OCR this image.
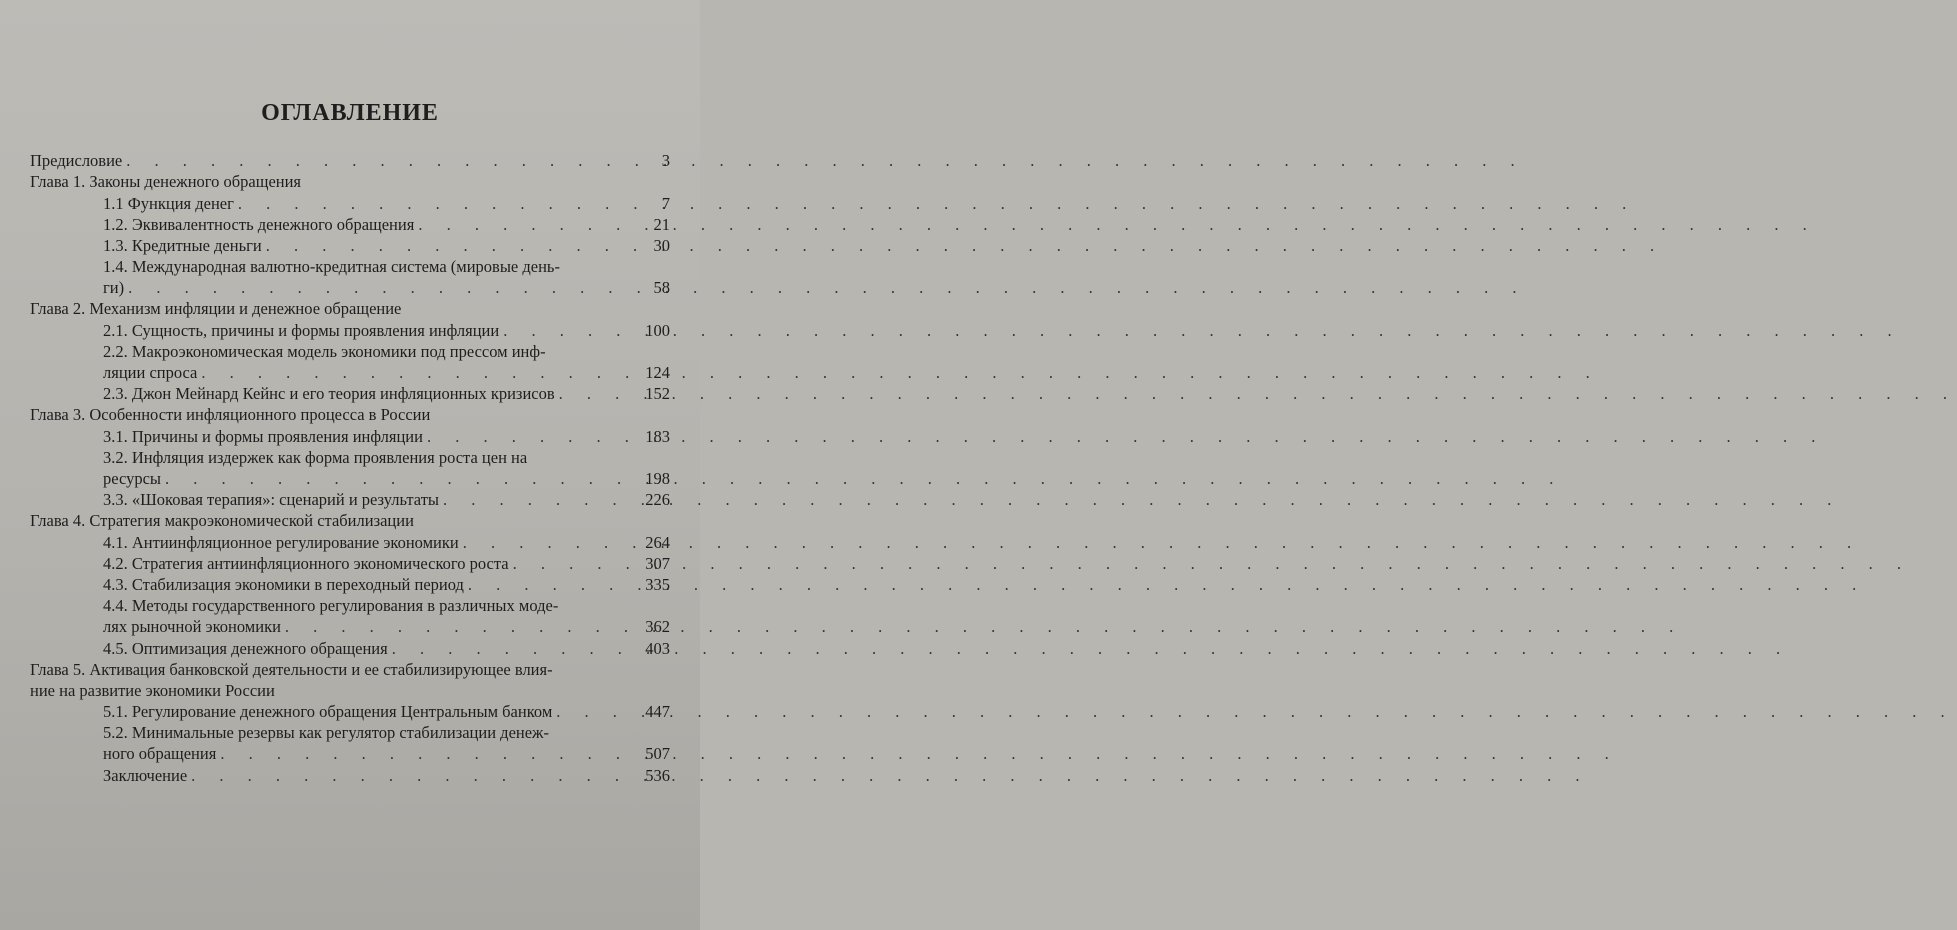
ОГЛАВЛЕНИЕ
Предисловие . . .	3
Глава 1. Законы денежного обращения
1.1 Функция денег . . .	7
1.2. Эквивалентность денежного обращения . . .	21
1.3. Кредитные деньги . . .	30
1.4. Международная валютно-кредитная система (мировые день-
ги) . . .	58
Глава 2. Механизм инфляции и денежное обращение
2.1. Сущность, причины и формы проявления инфляции . . .	100
2.2. Макроэкономическая модель экономики под прессом инф-
ляции спроса . . .	124
2.3. Джон Мейнард Кейнс и его теория инфляционных кризисов . . .	152
Глава 3. Особенности инфляционного процесса в России
3.1. Причины и формы проявления инфляции . . .	183
3.2. Инфляция издержек как форма проявления роста цен на
ресурсы . . .	198
3.3. «Шоковая терапия»: сценарий и результаты . . .	226
Глава 4. Стратегия макроэкономической стабилизации
4.1. Антиинфляционное регулирование экономики . . .	264
4.2. Стратегия антиинфляционного экономического роста . . .	307
4.3. Стабилизация экономики в переходный период . . .	335
4.4. Методы государственного регулирования в различных моде-
лях рыночной экономики . . .	362
4.5. Оптимизация денежного обращения . . .	403
Глава 5. Активация банковской деятельности и ее стабилизирующее влия-
ние на развитие экономики России
5.1. Регулирование денежного обращения Центральным банком . . .	447
5.2. Минимальные резервы как регулятор стабилизации денеж-
ного обращения . . .	507
Заключение . . .	536
